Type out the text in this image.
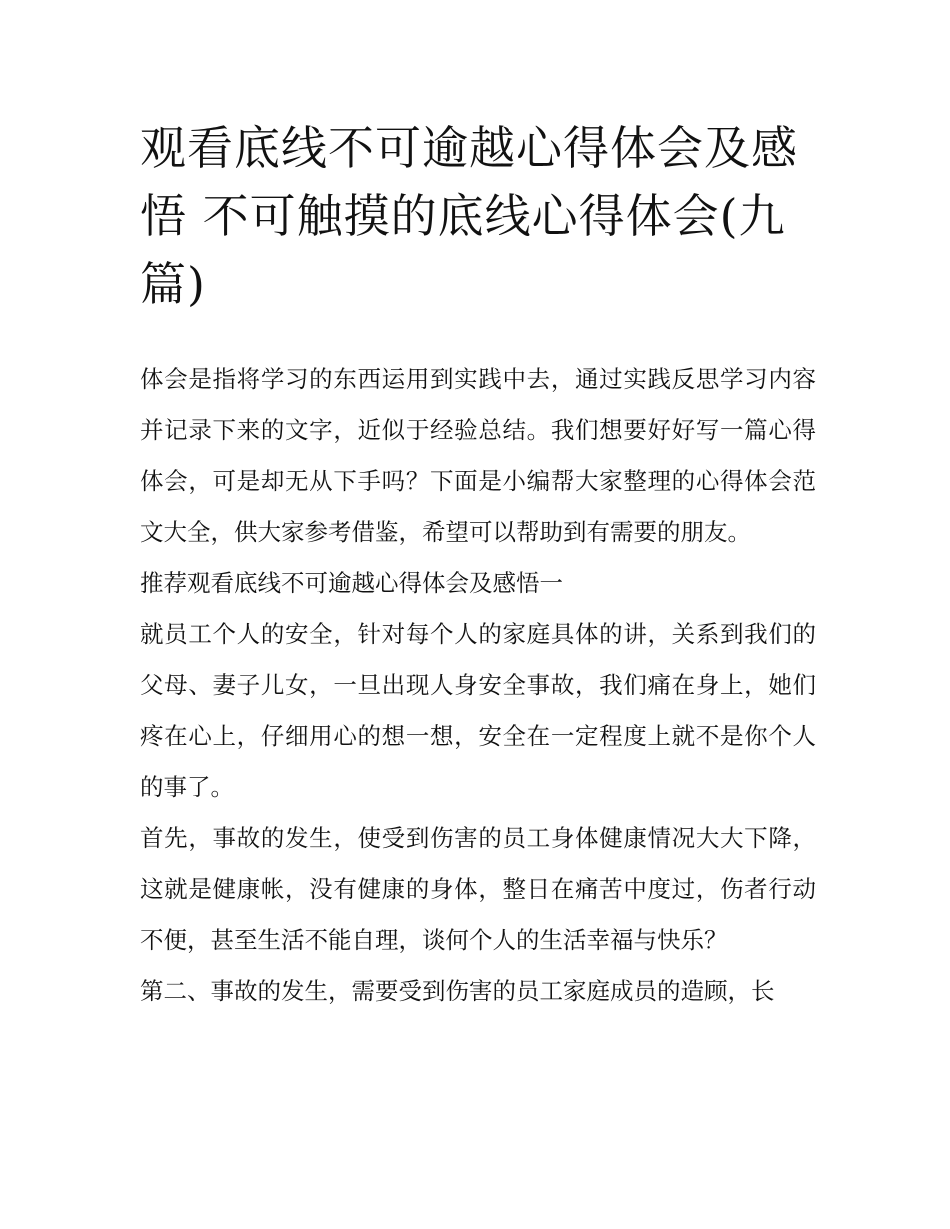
观看底线不可逾越心得体会及感悟 不可触摸的底线心得体会(九篇)

体会是指将学习的东西运用到实践中去，通过实践反思学习内容并记录下来的文字，近似于经验总结。我们想要好好写一篇心得体会，可是却无从下手吗？下面是小编帮大家整理的心得体会范文大全，供大家参考借鉴，希望可以帮助到有需要的朋友。

推荐观看底线不可逾越心得体会及感悟一

就员工个人的安全，针对每个人的家庭具体的讲，关系到我们的父母、妻子儿女，一旦出现人身安全事故，我们痛在身上，她们疼在心上，仔细用心的想一想，安全在一定程度上就不是你个人的事了。

首先，事故的发生，使受到伤害的员工身体健康情况大大下降，这就是健康帐，没有健康的身体，整日在痛苦中度过，伤者行动不便，甚至生活不能自理，谈何个人的生活幸福与快乐？

第二、事故的发生，需要受到伤害的员工家庭成员的造顾，长
